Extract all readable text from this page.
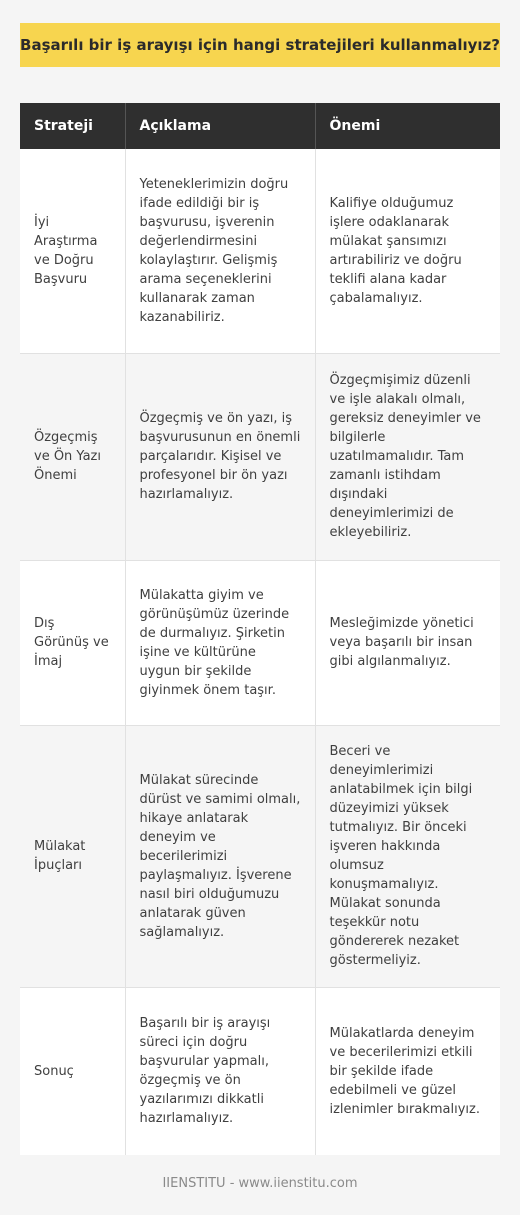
Başarılı bir iş arayışı için hangi stratejileri kullanmalıyız?
Strateji	Açıklama	Önemi
İyi Araştırma ve Doğru Başvuru	Yeteneklerimizin doğru ifade edildiği bir iş başvurusu, işverenin değerlendirmesini kolaylaştırır. Gelişmiş arama seçeneklerini kullanarak zaman kazanabiliriz.	Kalifiye olduğumuz işlere odaklanarak mülakat şansımızı artırabiliriz ve doğru teklifi alana kadar çabalamalıyız.
Özgeçmiş ve Ön Yazı Önemi	Özgeçmiş ve ön yazı, iş başvurusunun en önemli parçalarıdır. Kişisel ve profesyonel bir ön yazı hazırlamalıyız.	Özgeçmişimiz düzenli ve işle alakalı olmalı, gereksiz deneyimler ve bilgilerle uzatılmamalıdır. Tam zamanlı istihdam dışındaki deneyimlerimizi de ekleyebiliriz.
Dış Görünüş ve İmaj	Mülakatta giyim ve görünüşümüz üzerinde de durmalıyız. Şirketin işine ve kültürüne uygun bir şekilde giyinmek önem taşır.	Mesleğimizde yönetici veya başarılı bir insan gibi algılanmalıyız.
Mülakat İpuçları	Mülakat sürecinde dürüst ve samimi olmalı, hikaye anlatarak deneyim ve becerilerimizi paylaşmalıyız. İşverene nasıl biri olduğumuzu anlatarak güven sağlamalıyız.	Beceri ve deneyimlerimizi anlatabilmek için bilgi düzeyimizi yüksek tutmalıyız. Bir önceki işveren hakkında olumsuz konuşmamalıyız. Mülakat sonunda teşekkür notu göndererek nezaket göstermeliyiz.
Sonuç	Başarılı bir iş arayışı süreci için doğru başvurular yapmalı, özgeçmiş ve ön yazılarımızı dikkatli hazırlamalıyız.	Mülakatlarda deneyim ve becerilerimizi etkili bir şekilde ifade edebilmeli ve güzel izlenimler bırakmalıyız.
IIENSTITU - www.iienstitu.com
